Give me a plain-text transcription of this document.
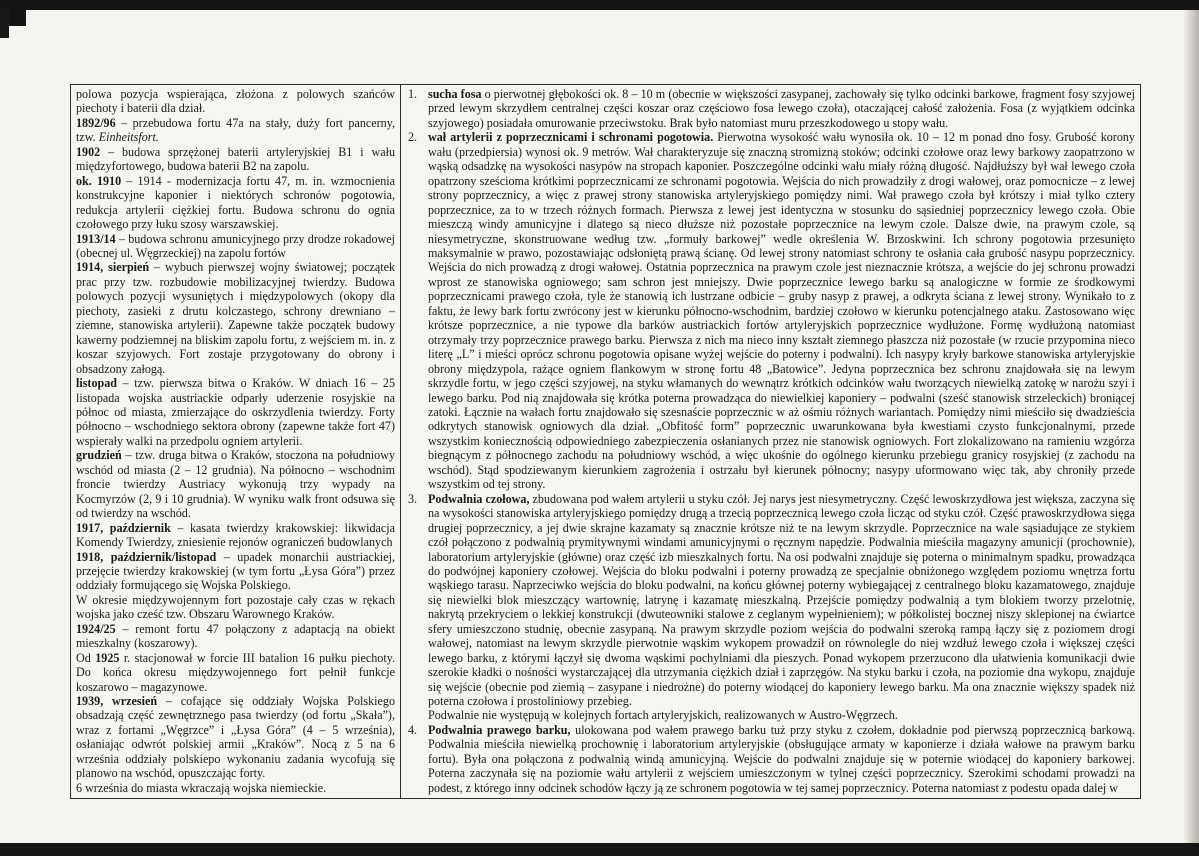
polowa pozycja wspierająca, złożona z polowych szańców piechoty i baterii dla dział.

1892/96 – przebudowa fortu 47a na stały, duży fort pancerny, tzw. Einheitsfort.

1902 – budowa sprzężonej baterii artyleryjskiej B1 i wału międzyfortowego, budowa baterii B2 na zapolu.

ok. 1910 – 1914 - modernizacja fortu 47, m. in. wzmocnienia konstrukcyjne kaponier i niektórych schronów pogotowia, redukcja artylerii ciężkiej fortu. Budowa schronu do ognia czołowego przy łuku szosy warszawskiej.

1913/14 – budowa schronu amunicyjnego przy drodze rokadowej (obecnej ul. Węgrzeckiej) na zapolu fortów

1914, sierpień – wybuch pierwszej wojny światowej; początek prac przy tzw. rozbudowie mobilizacyjnej twierdzy. Budowa polowych pozycji wysuniętych i międzypolowych (okopy dla piechoty, zasieki z drutu kolczastego, schrony drewniano – ziemne, stanowiska artylerii). Zapewne także początek budowy kawerny podziemnej na bliskim zapolu fortu, z wejściem m. in. z koszar szyjowych. Fort zostaje przygotowany do obrony i obsadzony załogą.

listopad – tzw. pierwsza bitwa o Kraków. W dniach 16 – 25 listopada wojska austriackie odparły uderzenie rosyjskie na północ od miasta, zmierzające do oskrzydlenia twierdzy. Forty północno – wschodniego sektora obrony (zapewne także fort 47) wspierały walki na przedpolu ogniem artylerii.

grudzień – tzw. druga bitwa o Kraków, stoczona na południowy wschód od miasta (2 – 12 grudnia). Na północno – wschodnim froncie twierdzy Austriacy wykonują trzy wypady na Kocmyrzów (2, 9 i 10 grudnia). W wyniku walk front odsuwa się od twierdzy na wschód.

1917, październik – kasata twierdzy krakowskiej: likwidacja Komendy Twierdzy, zniesienie rejonów ograniczeń budowlanych

1918, październik/listopad – upadek monarchii austriackiej, przejęcie twierdzy krakowskiej (w tym fortu „Łysa Góra”) przez oddziały formującego się Wojska Polskiego.

W okresie międzywojennym fort pozostaje cały czas w rękach wojska jako cześć tzw. Obszaru Warownego Kraków.

1924/25 – remont fortu 47 połączony z adaptacją na obiekt mieszkalny (koszarowy).

Od 1925 r. stacjonował w forcie III batalion 16 pułku piechoty. Do końca okresu międzywojennego fort pełnił funkcje koszarowo – magazynowe.

1939, wrzesień – cofające się oddziały Wojska Polskiego obsadzają część zewnętrznego pasa twierdzy (od fortu „Skała”), wraz z fortami „Węgrzce” i „Łysa Góra” (4 – 5 września), osłaniając odwrót polskiej armii „Kraków”. Nocą z 5 na 6 września oddziały polskiepo wykonaniu zadania wycofują się planowo na wschód, opuszczając forty.

6 września do miasta wkraczają wojska niemieckie.

1. sucha fosa o pierwotnej głębokości ok. 8 – 10 m (obecnie w większości zasypanej, zachowały się tylko odcinki barkowe, fragment fosy szyjowej przed lewym skrzydłem centralnej części koszar oraz częściowo fosa lewego czoła), otaczającej całość założenia. Fosa (z wyjątkiem odcinka szyjowego) posiadała omurowanie przeciwstoku. Brak było natomiast muru przeszkodowego u stopy wału.

2. wał artylerii z poprzecznicami i schronami pogotowia. Pierwotna wysokość wału wynosiła ok. 10 – 12 m ponad dno fosy. Grubość korony wału (przedpiersia) wynosi ok. 9 metrów. Wał charakteryzuje się znaczną stromizną stoków; odcinki czołowe oraz lewy barkowy zaopatrzono w wąską odsadzkę na wysokości nasypów na stropach kaponier. Poszczególne odcinki wału miały różną długość. Najdłuższy był wał lewego czoła opatrzony sześcioma krótkimi poprzecznicami ze schronami pogotowia. Wejścia do nich prowadziły z drogi wałowej, oraz pomocnicze – z lewej strony poprzecznicy, a więc z prawej strony stanowiska artyleryjskiego pomiędzy nimi. Wał prawego czoła był krótszy i miał tylko cztery poprzecznice, za to w trzech różnych formach. Pierwsza z lewej jest identyczna w stosunku do sąsiedniej poprzecznicy lewego czoła. Obie mieszczą windy amunicyjne i dlatego są nieco dłuższe niż pozostałe poprzecznice na lewym czole. Dalsze dwie, na prawym czole, są niesymetryczne, skonstruowane według tzw. „formuły barkowej” wedle określenia W. Brzoskwini. Ich schrony pogotowia przesunięto maksymalnie w prawo, pozostawiając odsłoniętą prawą ścianę. Od lewej strony natomiast schrony te osłania cała grubość nasypu poprzecznicy. Wejścia do nich prowadzą z drogi wałowej. Ostatnia poprzecznica na prawym czole jest nieznacznie krótsza, a wejście do jej schronu prowadzi wprost ze stanowiska ogniowego; sam schron jest mniejszy. Dwie poprzecznice lewego barku są analogiczne w formie ze środkowymi poprzecznicami prawego czoła, tyle że stanowią ich lustrzane odbicie – gruby nasyp z prawej, a odkryta ściana z lewej strony. Wynikało to z faktu, że lewy bark fortu zwrócony jest w kierunku północno-wschodnim, bardziej czołowo w kierunku potencjalnego ataku. Zastosowano więc krótsze poprzecznice, a nie typowe dla barków austriackich fortów artyleryjskich poprzecznice wydłużone. Formę wydłużoną natomiast otrzymały trzy poprzecznice prawego barku. Pierwsza z nich ma nieco inny kształt ziemnego płaszcza niż pozostałe (w rzucie przypomina nieco literę „L” i mieści oprócz schronu pogotowia opisane wyżej wejście do poterny i podwalni). Ich nasypy kryły barkowe stanowiska artyleryjskie obrony międzypola, rażące ogniem flankowym w stronę fortu 48 „Batowice”. Jedyna poprzecznica bez schronu znajdowała się na lewym skrzydle fortu, w jego części szyjowej, na styku włamanych do wewnątrz krótkich odcinków wału tworzących niewielką zatokę w narożu szyi i lewego barku. Pod nią znajdowała się krótka poterna prowadząca do niewielkiej kaponiery – podwalni (sześć stanowisk strzeleckich) broniącej zatoki. Łącznie na wałach fortu znajdowało się szesnaście poprzecznic w aż ośmiu różnych wariantach. Pomiędzy nimi mieściło się dwadzieścia odkrytych stanowisk ogniowych dla dział. „Obfitość form” poprzecznic uwarunkowana była kwestiami czysto funkcjonalnymi, przede wszystkim koniecznością odpowiedniego zabezpieczenia osłanianych przez nie stanowisk ogniowych. Fort zlokalizowano na ramieniu wzgórza biegnącym z północnego zachodu na południowy wschód, a więc ukośnie do ogólnego kierunku przebiegu granicy rosyjskiej (z zachodu na wschód). Stąd spodziewanym kierunkiem zagrożenia i ostrzału był kierunek północny; nasypy uformowano więc tak, aby chroniły przede wszystkim od tej strony.

3. Podwalnia czołowa, zbudowana pod wałem artylerii u styku czół. Jej narys jest niesymetryczny. Część lewoskrzydłowa jest większa, zaczyna się na wysokości stanowiska artyleryjskiego pomiędzy drugą a trzecią poprzecznicą lewego czoła licząc od styku czół. Część prawoskrzydłowa sięga drugiej poprzecznicy, a jej dwie skrajne kazamaty są znacznie krótsze niż te na lewym skrzydle. Poprzecznice na wale sąsiadujące ze stykiem czół połączono z podwalnią prymitywnymi windami amunicyjnymi o ręcznym napędzie. Podwalnia mieściła magazyny amunicji (prochownie), laboratorium artyleryjskie (główne) oraz część izb mieszkalnych fortu. Na osi podwalni znajduje się poterna o minimalnym spadku, prowadząca do podwójnej kaponiery czołowej. Wejścia do bloku podwalni i poterny prowadzą ze specjalnie obniżonego względem poziomu wnętrza fortu wąskiego tarasu. Naprzeciwko wejścia do bloku podwalni, na końcu głównej poterny wybiegającej z centralnego bloku kazamatowego, znajduje się niewielki blok mieszczący wartownię, latrynę i kazamatę mieszkalną. Przejście pomiędzy podwalnią a tym blokiem tworzy przelotnię, nakrytą przekryciem o lekkiej konstrukcji (dwuteowniki stalowe z ceglanym wypełnieniem); w półkolistej bocznej niszy sklepionej na ćwiartce sfery umieszczono studnię, obecnie zasypaną. Na prawym skrzydle poziom wejścia do podwalni szeroką rampą łączy się z poziomem drogi wałowej, natomiast na lewym skrzydle pierwotnie wąskim wykopem prowadził on równolegle do niej wzdłuż lewego czoła i większej części lewego barku, z którymi łączył się dwoma wąskimi pochylniami dla pieszych. Ponad wykopem przerzucono dla ułatwienia komunikacji dwie szerokie kładki o nośności wystarczającej dla utrzymania ciężkich dział i zaprzęgów. Na styku barku i czoła, na poziomie dna wykopu, znajduje się wejście (obecnie pod ziemią – zasypane i niedrożne) do poterny wiodącej do kaponiery lewego barku. Ma ona znacznie większy spadek niż poterna czołowa i prostoliniowy przebieg.

Podwalnie nie występują w kolejnych fortach artyleryjskich, realizowanych w Austro-Węgrzech.

4. Podwalnia prawego barku, ulokowana pod wałem prawego barku tuż przy styku z czołem, dokładnie pod pierwszą poprzecznicą barkową. Podwalnia mieściła niewielką prochownię i laboratorium artyleryjskie (obsługujące armaty w kaponierze i działa wałowe na prawym barku fortu). Była ona połączona z podwalnią windą amunicyjną. Wejście do podwalni znajduje się w poternie wiodącej do kaponiery barkowej. Poterna zaczynała się na poziomie wału artylerii z wejściem umieszczonym w tylnej części poprzecznicy. Szerokimi schodami prowadzi na podest, z którego inny odcinek schodów łączy ją ze schronem pogotowia w tej samej poprzecznicy. Poterna natomiast z podestu opada dalej w
